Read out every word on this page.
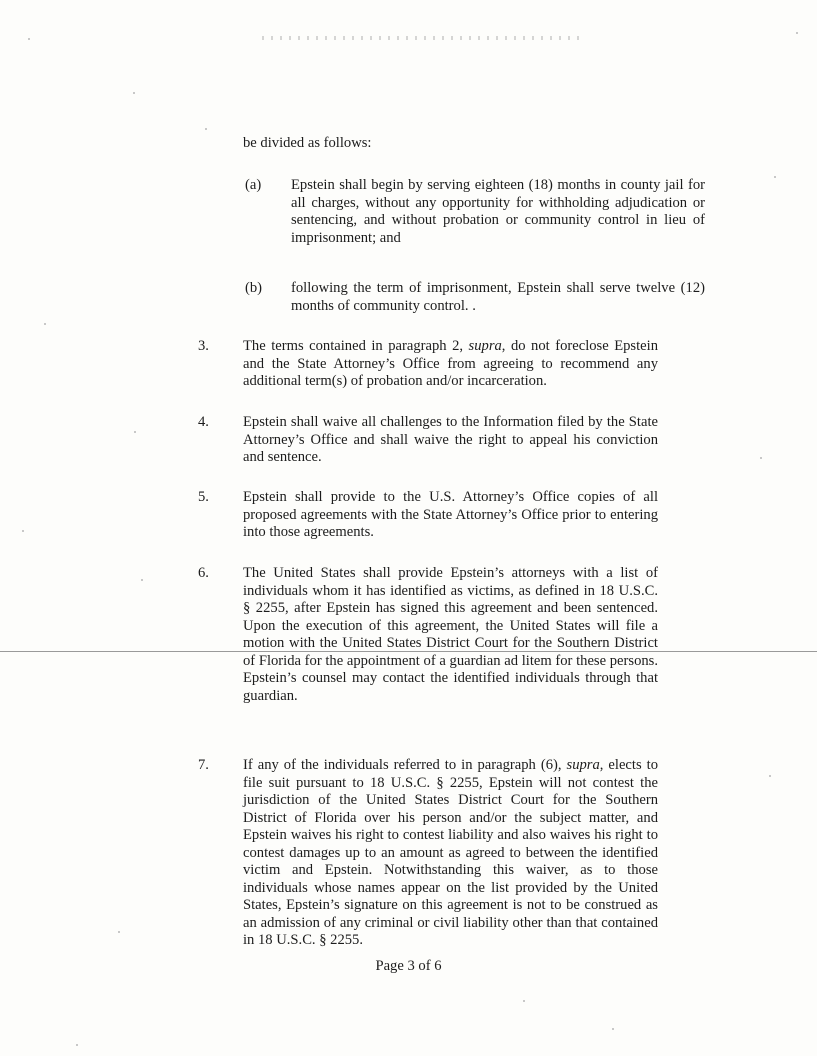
be divided as follows:
(a) Epstein shall begin by serving eighteen (18) months in county jail for all charges, without any opportunity for withholding adjudication or sentencing, and without probation or community control in lieu of imprisonment; and
(b) following the term of imprisonment, Epstein shall serve twelve (12) months of community control. .
3. The terms contained in paragraph 2, supra, do not foreclose Epstein and the State Attorney’s Office from agreeing to recommend any additional term(s) of probation and/or incarceration.
4. Epstein shall waive all challenges to the Information filed by the State Attorney’s Office and shall waive the right to appeal his conviction and sentence.
5. Epstein shall provide to the U.S. Attorney’s Office copies of all proposed agreements with the State Attorney’s Office prior to entering into those agreements.
6. The United States shall provide Epstein’s attorneys with a list of individuals whom it has identified as victims, as defined in 18 U.S.C. § 2255, after Epstein has signed this agreement and been sentenced. Upon the execution of this agreement, the United States will file a motion with the United States District Court for the Southern District of Florida for the appointment of a guardian ad litem for these persons. Epstein’s counsel may contact the identified individuals through that guardian.
7. If any of the individuals referred to in paragraph (6), supra, elects to file suit pursuant to 18 U.S.C. § 2255, Epstein will not contest the jurisdiction of the United States District Court for the Southern District of Florida over his person and/or the subject matter, and Epstein waives his right to contest liability and also waives his right to contest damages up to an amount as agreed to between the identified victim and Epstein. Notwithstanding this waiver, as to those individuals whose names appear on the list provided by the United States, Epstein’s signature on this agreement is not to be construed as an admission of any criminal or civil liability other than that contained in 18 U.S.C. § 2255.
Page 3 of 6
